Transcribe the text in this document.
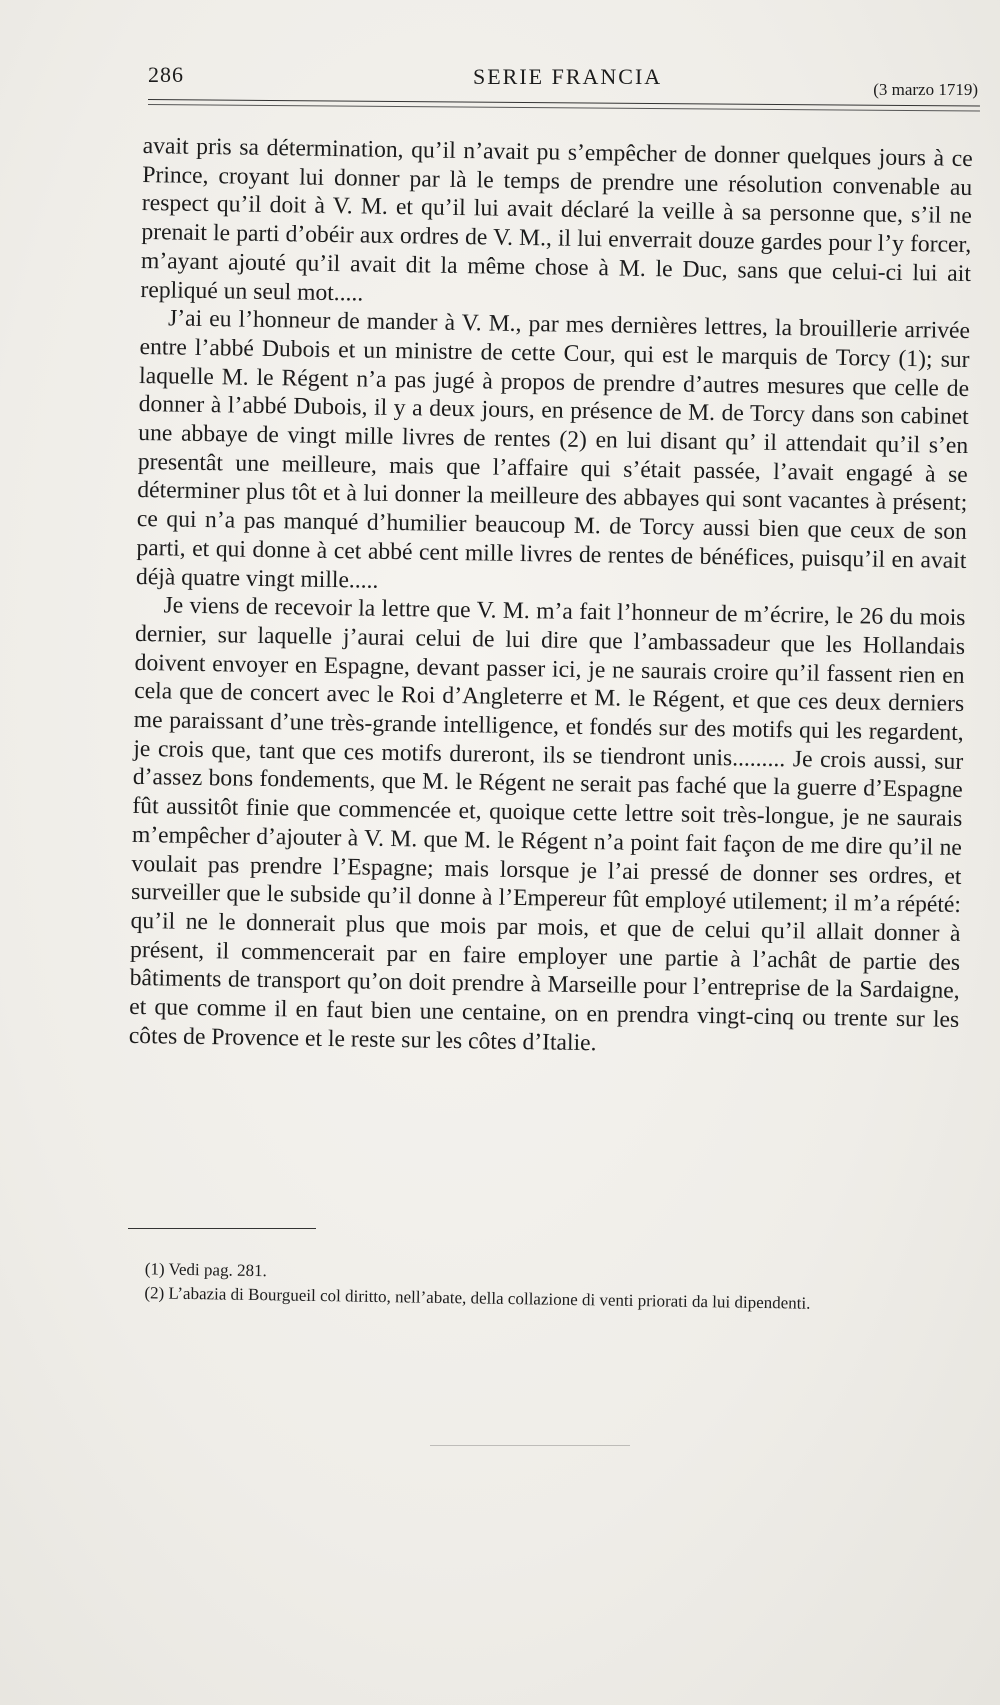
286	SERIE FRANCIA
(3 marzo 1719)

avait pris sa détermination, qu’il n’avait pu s’empêcher de donner quelques jours à ce Prince, croyant lui donner par là le temps de prendre une résolution convenable au respect qu’il doit à V. M. et qu’il lui avait déclaré la veille à sa personne que, s’il ne prenait le parti d’obéir aux ordres de V. M., il lui enverrait douze gardes pour l’y forcer, m’ayant ajouté qu’il avait dit la même chose à M. le Duc, sans que celui-ci lui ait repliqué un seul mot.....

J’ai eu l’honneur de mander à V. M., par mes dernières lettres, la brouillerie arrivée entre l’abbé Dubois et un ministre de cette Cour, qui est le marquis de Torcy (1); sur laquelle M. le Régent n’a pas jugé à propos de prendre d’autres mesures que celle de donner à l’abbé Dubois, il y a deux jours, en présence de M. de Torcy dans son cabinet une abbaye de vingt mille livres de rentes (2) en lui disant qu’ il attendait qu’il s’en presentât une meilleure, mais que l’affaire qui s’était passée, l’avait engagé à se déterminer plus tôt et à lui donner la meilleure des abbayes qui sont vacantes à présent; ce qui n’a pas manqué d’humilier beaucoup M. de Torcy aussi bien que ceux de son parti, et qui donne à cet abbé cent mille livres de rentes de bénéfices, puisqu’il en avait déjà quatre vingt mille.....

Je viens de recevoir la lettre que V. M. m’a fait l’honneur de m’écrire, le 26 du mois dernier, sur laquelle j’aurai celui de lui dire que l’ambassadeur que les Hollandais doivent envoyer en Espagne, devant passer ici, je ne saurais croire qu’il fassent rien en cela que de concert avec le Roi d’Angleterre et M. le Régent, et que ces deux derniers me paraissant d’une très-grande intelligence, et fondés sur des motifs qui les regardent, je crois que, tant que ces motifs dureront, ils se tiendront unis......... Je crois aussi, sur d’assez bons fondements, que M. le Régent ne serait pas faché que la guerre d’Espagne fût aussitôt finie que commencée et, quoique cette lettre soit très-longue, je ne saurais m’empêcher d’ajouter à V. M. que M. le Régent n’a point fait façon de me dire qu’il ne voulait pas prendre l’Espagne; mais lorsque je l’ai pressé de donner ses ordres, et surveiller que le subside qu’il donne à l’Empereur fût employé utilement; il m’a répété: qu’il ne le donnerait plus que mois par mois, et que de celui qu’il allait donner à présent, il commencerait par en faire employer une partie à l’achât de partie des bâtiments de transport qu’on doit prendre à Marseille pour l’entreprise de la Sardaigne, et que comme il en faut bien une centaine, on en prendra vingt-cinq ou trente sur les côtes de Provence et le reste sur les côtes d’Italie.

(1) Vedi pag. 281.

(2) L’abazia di Bourgueil col diritto, nell’abate, della collazione di venti priorati da lui dipendenti.
